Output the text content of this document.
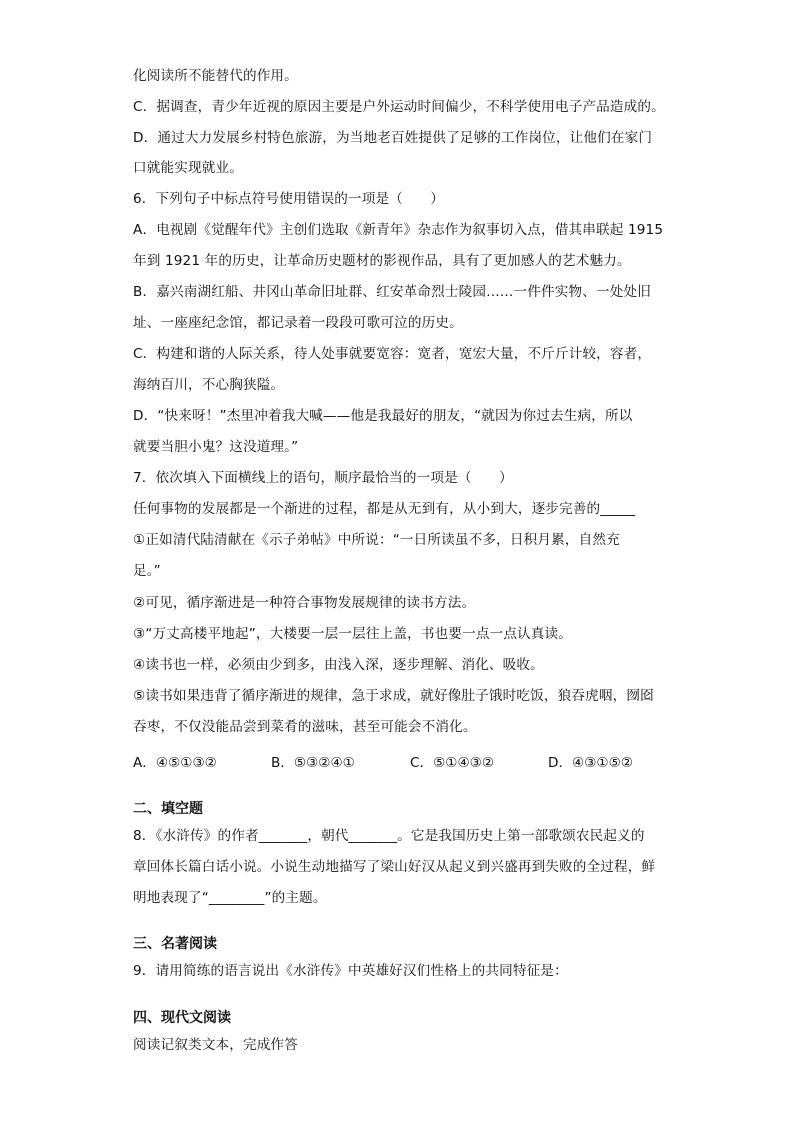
化阅读所不能替代的作用。
C．据调查，青少年近视的原因主要是户外运动时间偏少，不科学使用电子产品造成的。
D．通过大力发展乡村特色旅游，为当地老百姓提供了足够的工作岗位，让他们在家门
口就能实现就业。
6．下列句子中标点符号使用错误的一项是（　　）
A．电视剧《觉醒年代》主创们选取《新青年》杂志作为叙事切入点，借其串联起 1915
年到 1921 年的历史，让革命历史题材的影视作品，具有了更加感人的艺术魅力。
B．嘉兴南湖红船、井冈山革命旧址群、红安革命烈士陵园……一件件实物、一处处旧
址、一座座纪念馆，都记录着一段段可歌可泣的历史。
C．构建和谐的人际关系，待人处事就要宽容：宽者，宽宏大量，不斤斤计较，容者，
海纳百川，不心胸狭隘。
D．“快来呀！”杰里冲着我大喊——他是我最好的朋友，“就因为你过去生病，所以
就要当胆小鬼？这没道理。”
7．依次填入下面横线上的语句，顺序最恰当的一项是（　　）
任何事物的发展都是一个渐进的过程，都是从无到有，从小到大，逐步完善的_____
①正如清代陆清献在《示子弟帖》中所说：“一日所读虽不多，日积月累，自然充
足。”
②可见，循序渐进是一种符合事物发展规律的读书方法。
③“万丈高楼平地起”，大楼要一层一层往上盖，书也要一点一点认真读。
④读书也一样，必须由少到多，由浅入深，逐步理解、消化、吸收。
⑤读书如果违背了循序渐进的规律，急于求成，就好像肚子饿时吃饭，狼吞虎咽，囫囵
吞枣，不仅没能品尝到菜肴的滋味，甚至可能会不消化。
A．④⑤①③②	B．⑤③②④①	C．⑤①④③②	D．④③①⑤②
二、填空题
8．《水浒传》的作者_______，朝代_______。它是我国历史上第一部歌颂农民起义的
章回体长篇白话小说。小说生动地描写了梁山好汉从起义到兴盛再到失败的全过程，鲜
明地表现了“________”的主题。
三、名著阅读
9．请用简练的语言说出《水浒传》中英雄好汉们性格上的共同特征是：
四、现代文阅读
阅读记叙类文本，完成作答
